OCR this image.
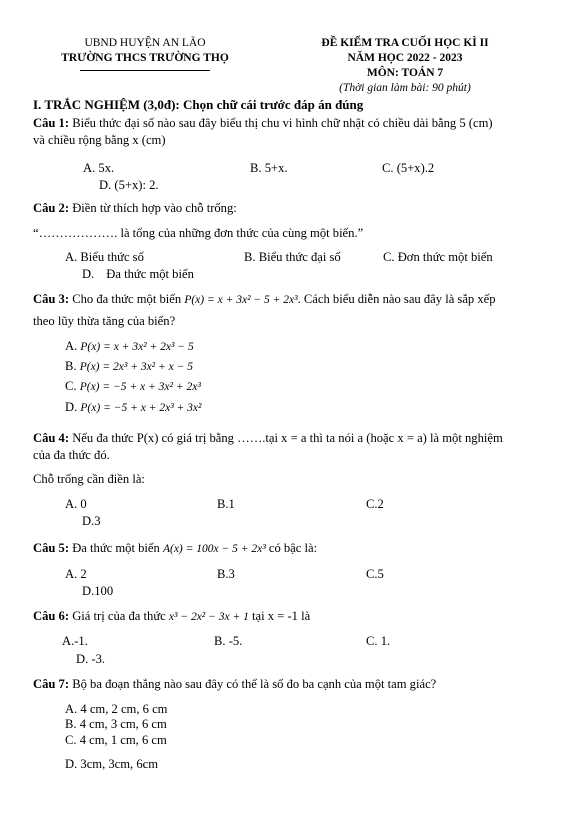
UBND HUYỆN AN LÃO
TRƯỜNG THCS TRƯỜNG THỌ
ĐỀ KIỂM TRA CUỐI HỌC KÌ II
NĂM HỌC 2022 - 2023
MÔN: TOÁN 7
(Thời gian làm bài: 90 phút)
I. TRẮC NGHIỆM (3,0đ): Chọn chữ cái trước đáp án đúng
Câu 1: Biểu thức đại số nào sau đây biểu thị chu vi hình chữ nhật có chiều dài bằng 5 (cm)
và chiều rộng bằng x (cm)
A. 5x.	B. 5+x.	C. (5+x).2
D. (5+x): 2.
Câu 2: Điền từ thích hợp vào chỗ trống:
“………………. là tổng của những đơn thức của cùng một biến.”
A. Biểu thức số	B. Biểu thức đại số	C. Đơn thức một biến
D. Đa thức một biến
Câu 3: Cho đa thức một biến P(x) = x + 3x² − 5 + 2x³. Cách biểu diễn nào sau đây là sắp xếp
theo lũy thừa tăng của biến?
A. P(x) = x + 3x² + 2x³ − 5
B. P(x) = 2x³ + 3x² + x − 5
C. P(x) = −5 + x + 3x² + 2x³
D. P(x) = −5 + x + 2x³ + 3x²
Câu 4: Nếu đa thức P(x) có giá trị bằng …….tại x = a thì ta nói a (hoặc x = a) là một nghiệm
của đa thức đó.
Chỗ trống cần điền là:
A. 0	B.1	C.2
D.3
Câu 5: Đa thức một biến A(x) = 100x − 5 + 2x³ có bậc là:
A. 2	B.3	C.5
D.100
Câu 6: Giá trị của đa thức x³ − 2x² − 3x + 1 tại x = -1 là
A.-1.	B. -5.	C. 1.
D. -3.
Câu 7: Bộ ba đoạn thẳng nào sau đây có thể là số đo ba cạnh của một tam giác?
A. 4 cm, 2 cm, 6 cm
B. 4 cm, 3 cm, 6 cm
C. 4 cm, 1 cm, 6 cm
D. 3cm, 3cm, 6cm
